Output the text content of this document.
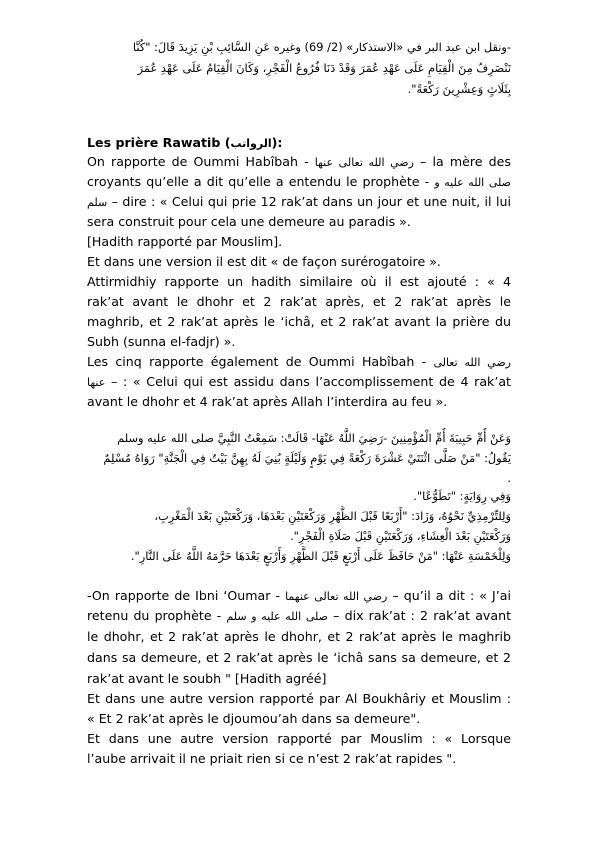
-ونقل ابن عبد البر في «الاستذكار» (2/ 69) وغيره عَنِ السَّائِبِ بْنِ يَزِيدَ قَالَ: "كُنَّا
نَنْصَرِفُ مِنَ الْقِيَامِ عَلَى عَهْدِ عُمَرَ وَقَدْ دَنَا فُرُوعُ الْفَجْرِ، وَكَانَ الْقِيَامُ عَلَى عَهْدِ عُمَرَ
بِثَلَاثٍ وَعِشْرِينَ رَكْعَةً".
Les prière Rawatib (الرواتب):
On rapporte de Oummi Habîbah - رضي الله تعالى عنها – la mère des
croyants qu’elle a dit qu’elle a entendu le prophète - صلى الله عليه و
سلم – dire : « Celui qui prie 12 rak’at dans un jour et une nuit, il lui
sera construit pour cela une demeure au paradis ».
[Hadith rapporté par Mouslim].
Et dans une version il est dit « de façon surérogatoire ».
Attirmidhiy rapporte un hadith similaire où il est ajouté : « 4
rak’at avant le dhohr et 2 rak’at après, et 2 rak’at après le
maghrib, et 2 rak’at après le ‘ichâ, et 2 rak’at avant la prière du
Subh (sunna el-fadjr) ».
Les cinq rapporte également de Oummi Habîbah - رضي الله تعالى
عنها – : « Celui qui est assidu dans l’accomplissement de 4 rak’at
avant le dhohr et 4 rak’at après Allah l’interdira au feu ».
وَعَنْ أُمِّ حَبِيبَةَ أُمِّ الْمُؤْمِنِينَ -رَضِيَ اللَّهُ عَنْهَا- قَالَتْ: سَمِعْتُ النَّبِيَّ صلى الله عليه وسلم
يَقُولُ: "مَنْ صَلَّى اثْنَتَيْ عَشْرَةَ رَكْعَةً فِي يَوْمٍ وَلَيْلَةٍ بُنِيَ لَهُ بِهِنَّ بَيْتٌ فِي الْجَنَّةِ" رَوَاهُ مُسْلِمٌ
.
وَفِي رِوَايَةٍ: "تَطَوُّعًا".
وَلِلتِّرْمِذِيِّ نَحْوُهُ، وَزَادَ: "أَرْبَعًا قَبْلَ الظُّهْرِ وَرَكْعَتَيْنِ بَعْدَهَا، وَرَكْعَتَيْنِ بَعْدَ الْمَغْرِبِ،
وَرَكْعَتَيْنِ بَعْدَ الْعِشَاءِ، وَرَكْعَتَيْنِ قَبْلَ صَلَاةِ الْفَجْرِ".
وَلِلْخَمْسَةِ عَنْهَا: "مَنْ حَافَظَ عَلَى أَرْبَعٍ قَبْلَ الظُّهْرِ وَأَرْبَعٍ بَعْدَهَا حَرَّمَهُ اللَّهُ عَلَى النَّارِ".
-On rapporte de Ibni ‘Oumar - رضي الله تعالى عنهما – qu’il a dit : « J’ai
retenu du prophète - صلى الله عليه و سلم – dix rak’at : 2 rak’at avant
le dhohr, et 2 rak’at après le dhohr, et 2 rak’at après le maghrib
dans sa demeure, et 2 rak’at après le ‘ichâ sans sa demeure, et 2
rak’at avant le soubh " [Hadith agréé]
Et dans une autre version rapporté par Al Boukhâriy et Mouslim :
« Et 2 rak’at après le djoumou’ah dans sa demeure".
Et dans une autre version rapporté par Mouslim : « Lorsque
l’aube arrivait il ne priait rien si ce n’est 2 rak’at rapides ".
